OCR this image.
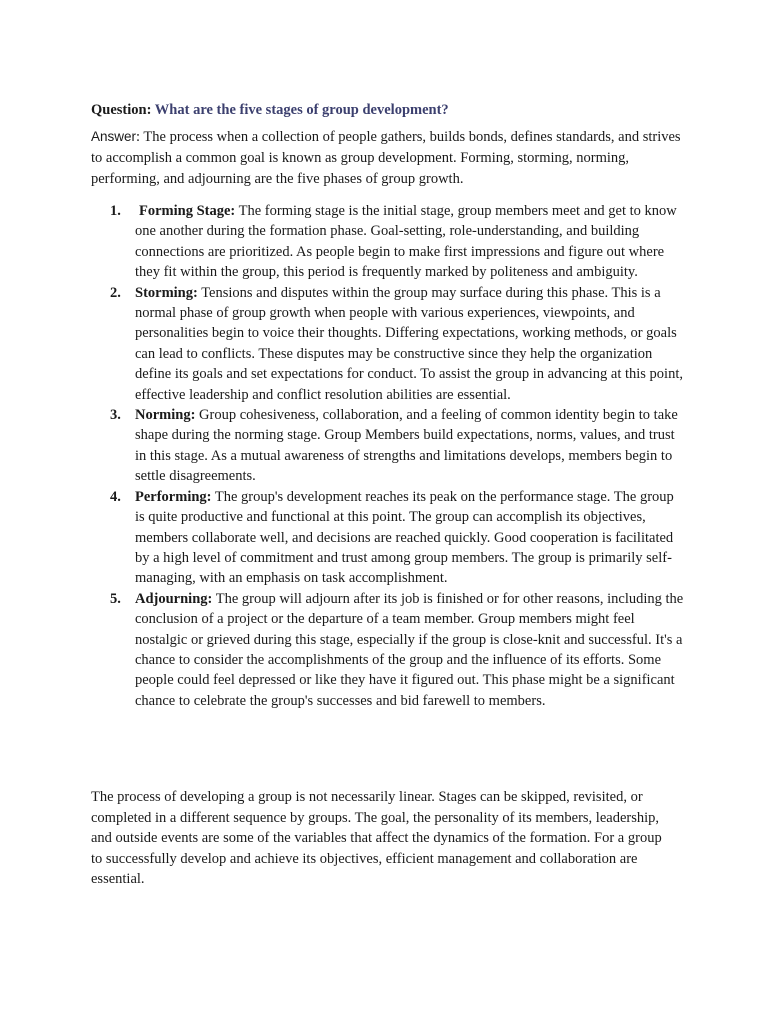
Question: What are the five stages of group development?
Answer: The process when a collection of people gathers, builds bonds, defines standards, and strives to accomplish a common goal is known as group development. Forming, storming, norming, performing, and adjourning are the five phases of group growth.
1. Forming Stage: The forming stage is the initial stage, group members meet and get to know one another during the formation phase. Goal-setting, role-understanding, and building connections are prioritized. As people begin to make first impressions and figure out where they fit within the group, this period is frequently marked by politeness and ambiguity.
2. Storming: Tensions and disputes within the group may surface during this phase. This is a normal phase of group growth when people with various experiences, viewpoints, and personalities begin to voice their thoughts. Differing expectations, working methods, or goals can lead to conflicts. These disputes may be constructive since they help the organization define its goals and set expectations for conduct. To assist the group in advancing at this point, effective leadership and conflict resolution abilities are essential.
3. Norming: Group cohesiveness, collaboration, and a feeling of common identity begin to take shape during the norming stage. Group Members build expectations, norms, values, and trust in this stage. As a mutual awareness of strengths and limitations develops, members begin to settle disagreements.
4. Performing: The group's development reaches its peak on the performance stage. The group is quite productive and functional at this point. The group can accomplish its objectives, members collaborate well, and decisions are reached quickly. Good cooperation is facilitated by a high level of commitment and trust among group members. The group is primarily self-managing, with an emphasis on task accomplishment.
5. Adjourning: The group will adjourn after its job is finished or for other reasons, including the conclusion of a project or the departure of a team member. Group members might feel nostalgic or grieved during this stage, especially if the group is close-knit and successful. It's a chance to consider the accomplishments of the group and the influence of its efforts. Some people could feel depressed or like they have it figured out. This phase might be a significant chance to celebrate the group's successes and bid farewell to members.
The process of developing a group is not necessarily linear. Stages can be skipped, revisited, or completed in a different sequence by groups. The goal, the personality of its members, leadership, and outside events are some of the variables that affect the dynamics of the formation. For a group to successfully develop and achieve its objectives, efficient management and collaboration are essential.
